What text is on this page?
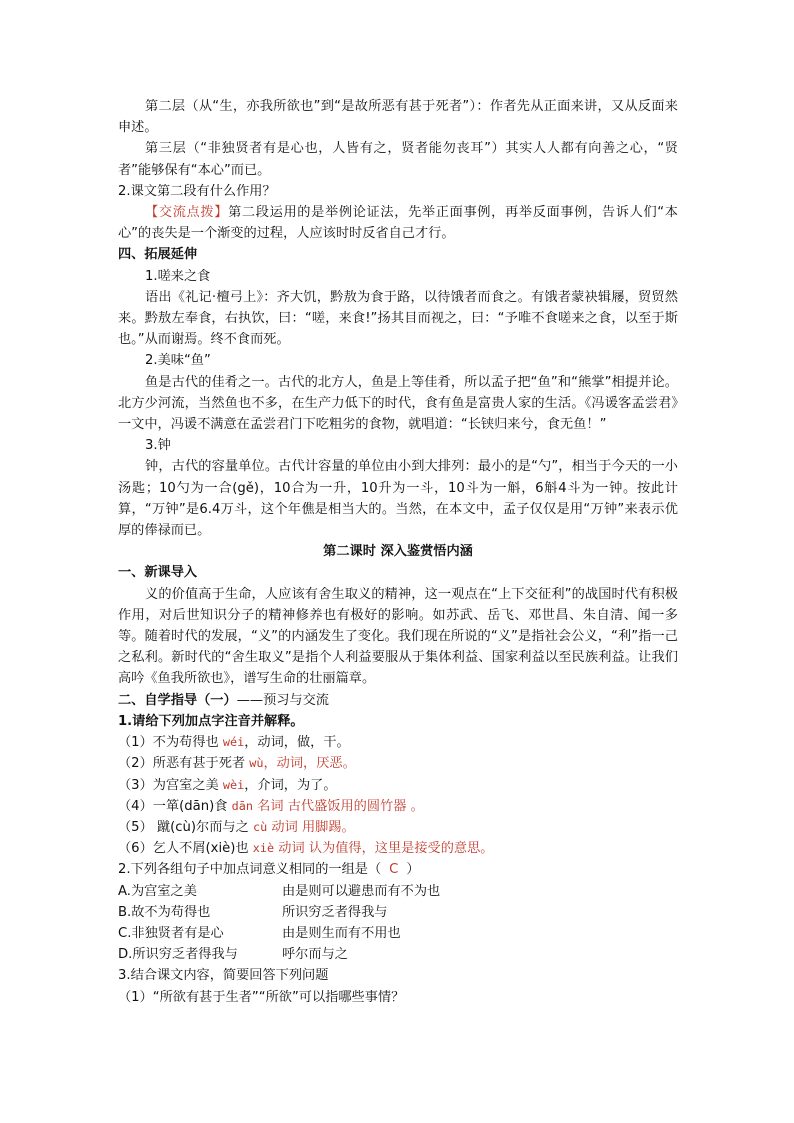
第二层（从“生，亦我所欲也”到“是故所恶有甚于死者”）：作者先从正面来讲，又从反面来申述。

第三层（“非独贤者有是心也，人皆有之，贤者能勿丧耳”）其实人人都有向善之心，“贤者”能够保有“本心”而已。

2.课文第二段有什么作用？

【交流点拨】第二段运用的是举例论证法，先举正面事例，再举反面事例，告诉人们“本心”的丧失是一个渐变的过程，人应该时时反省自己才行。

四、拓展延伸

1.嗟来之食

语出《礼记·檀弓上》：齐大饥，黔敖为食于路，以待饿者而食之。有饿者蒙袂辑屦，贸贸然来。黔敖左奉食，右执饮，曰：“嗟，来食!”扬其目而视之，曰：“予唯不食嗟来之食，以至于斯也。”从而谢焉。终不食而死。

2.美味“鱼”

鱼是古代的佳肴之一。古代的北方人，鱼是上等佳肴，所以孟子把“鱼”和“熊掌”相提并论。北方少河流，当然鱼也不多，在生产力低下的时代，食有鱼是富贵人家的生活。《冯谖客孟尝君》一文中，冯谖不满意在孟尝君门下吃粗劣的食物，就唱道：“长铗归来兮，食无鱼！”

3.钟

钟，古代的容量单位。古代计容量的单位由小到大排列：最小的是“勺”，相当于今天的一小汤匙；10勺为一合(gě)，10合为一升，10升为一斗，10斗为一斛，6斛4斗为一钟。按此计算，“万钟”是6.4万斗，这个年僬是相当大的。当然，在本文中，孟子仅仅是用“万钟”来表示优厚的俸禄而已。

第二课时 深入鉴赏悟内涵

一、新课导入

义的价值高于生命，人应该有舍生取义的精神，这一观点在“上下交征利”的战国时代有积极作用，对后世知识分子的精神修养也有极好的影响。如苏武、岳飞、邓世昌、朱自清、闻一多等。随着时代的发展，“义”的内涵发生了变化。我们现在所说的“义”是指社会公义，“利”指一己之私利。新时代的“舍生取义”是指个人利益要服从于集体利益、国家利益以至民族利益。让我们高吟《鱼我所欲也》，谱写生命的壮丽篇章。

二、自学指导（一）——预习与交流

1.请给下列加点字注音并解释。

（1）不为苟得也 wéi，动词，做，干。

（2）所恶有甚于死者 wù，动词，厌恶。

（3）为宫室之美 wèi，介词，为了。

（4）一箪(dān)食 dān 名词 古代盛饭用的圆竹器 。

（5） 蹴(cù)尔而与之 cù 动词 用脚踢。

（6）乞人不屑(xiè)也 xiè 动词 认为值得，这里是接受的意思。

2.下列各组句子中加点词意义相同的一组是（ C ）

A.为宫室之美	由是则可以避患而有不为也
B.故不为苟得也	所识穷乏者得我与
C.非独贤者有是心	由是则生而有不用也
D.所识穷乏者得我与	呼尔而与之

3.结合课文内容，简要回答下列问题

（1）“所欲有甚于生者”“所欲”可以指哪些事情？
